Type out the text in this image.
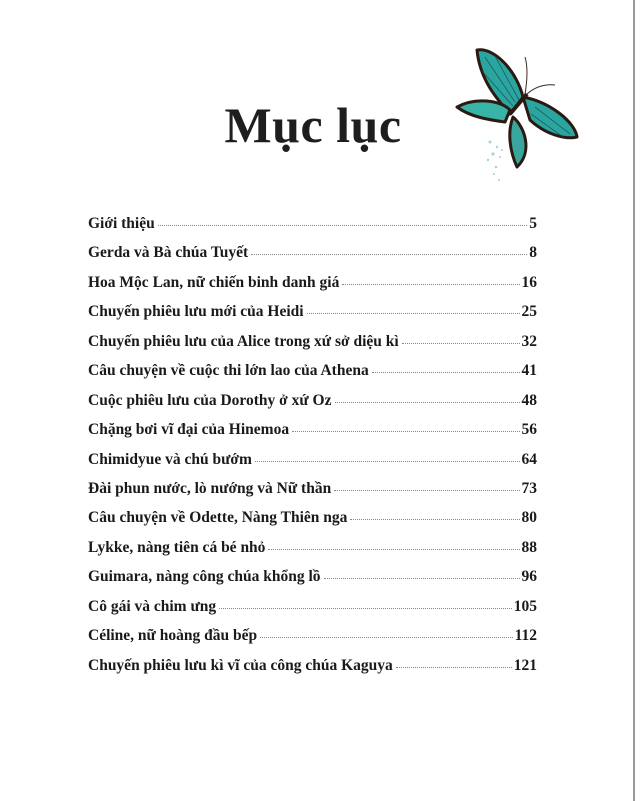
Mục lục
Giới thiệu	5
Gerda và Bà chúa Tuyết	8
Hoa Mộc Lan, nữ chiến binh danh giá	16
Chuyến phiêu lưu mới của Heidi	25
Chuyến phiêu lưu của Alice trong xứ sở diệu kì	32
Câu chuyện về cuộc thi lớn lao của Athena	41
Cuộc phiêu lưu của Dorothy ở xứ Oz	48
Chặng bơi vĩ đại của Hinemoa	56
Chimidyue và chú bướm	64
Đài phun nước, lò nướng và Nữ thần	73
Câu chuyện về Odette, Nàng Thiên nga	80
Lykke, nàng tiên cá bé nhỏ	88
Guimara, nàng công chúa khổng lồ	96
Cô gái và chim ưng	105
Céline, nữ hoàng đầu bếp	112
Chuyến phiêu lưu kì vĩ của công chúa Kaguya	121
